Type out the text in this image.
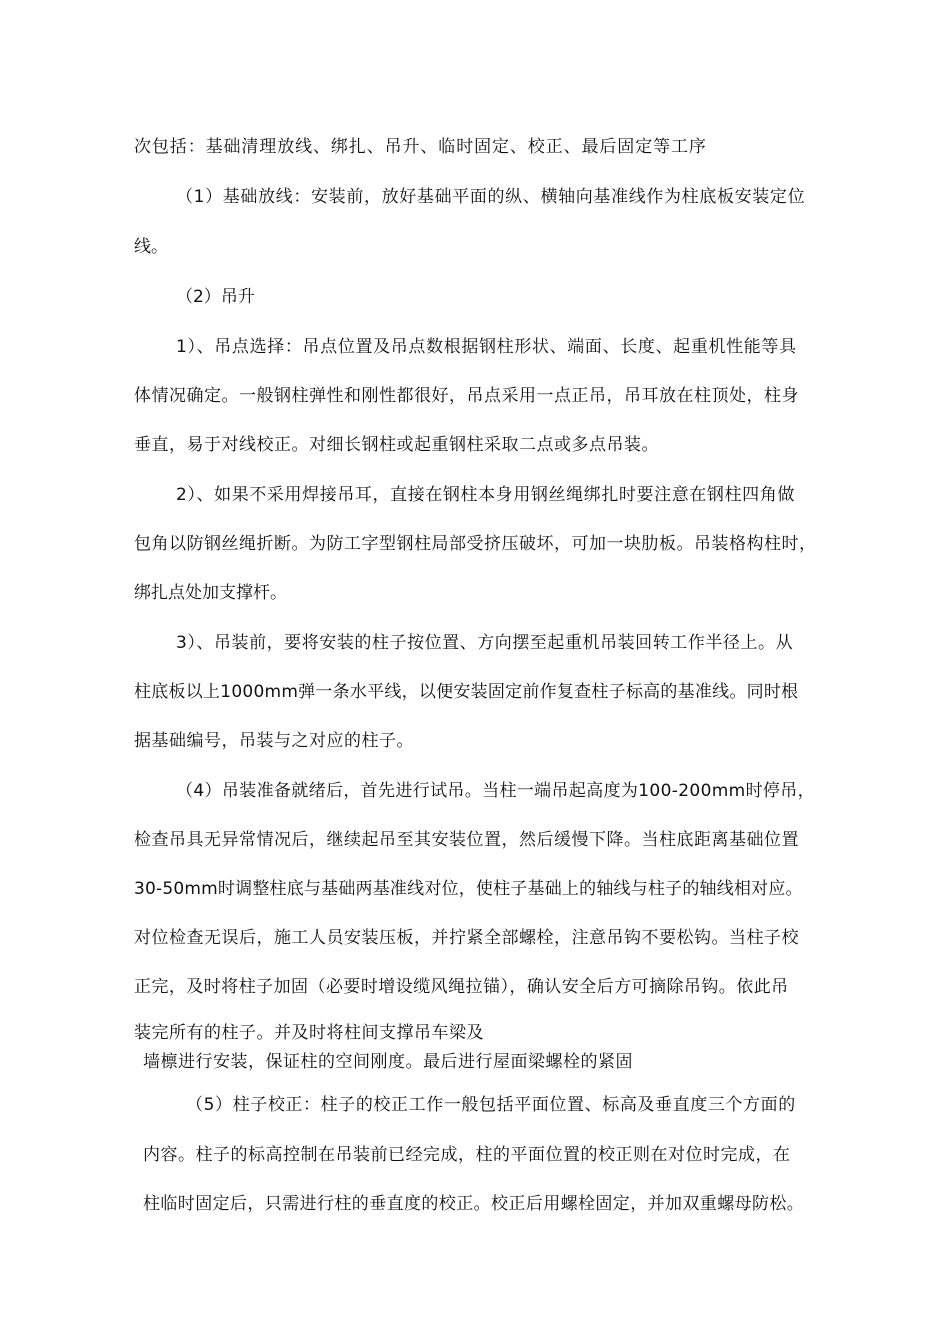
次包括：基础清理放线、绑扎、吊升、临时固定、校正、最后固定等工序
（1）基础放线：安装前，放好基础平面的纵、横轴向基准线作为柱底板安装定位
线。
（2）吊升
1）、吊点选择：吊点位置及吊点数根据钢柱形状、端面、长度、起重机性能等具
体情况确定。一般钢柱弹性和刚性都很好，吊点采用一点正吊，吊耳放在柱顶处，柱身
垂直，易于对线校正。对细长钢柱或起重钢柱采取二点或多点吊装。
2）、如果不采用焊接吊耳，直接在钢柱本身用钢丝绳绑扎时要注意在钢柱四角做
包角以防钢丝绳折断。为防工字型钢柱局部受挤压破坏，可加一块肋板。吊装格构柱时，
绑扎点处加支撑杆。
3）、吊装前，要将安装的柱子按位置、方向摆至起重机吊装回转工作半径上。从
柱底板以上1000mm弹一条水平线，以便安装固定前作复查柱子标高的基准线。同时根
据基础编号，吊装与之对应的柱子。
（4）吊装准备就绪后，首先进行试吊。当柱一端吊起高度为100-200mm时停吊，
检查吊具无异常情况后，继续起吊至其安装位置，然后缓慢下降。当柱底距离基础位置
30-50mm时调整柱底与基础两基准线对位，使柱子基础上的轴线与柱子的轴线相对应。
对位检查无误后，施工人员安装压板，并拧紧全部螺栓，注意吊钩不要松钩。当柱子校
正完，及时将柱子加固（必要时增设缆风绳拉锚），确认安全后方可摘除吊钩。依此吊
装完所有的柱子。并及时将柱间支撑吊车梁及
墙檩进行安装，保证柱的空间刚度。最后进行屋面梁螺栓的紧固
（5）柱子校正：柱子的校正工作一般包括平面位置、标高及垂直度三个方面的
内容。柱子的标高控制在吊装前已经完成，柱的平面位置的校正则在对位时完成，在
柱临时固定后，只需进行柱的垂直度的校正。校正后用螺栓固定，并加双重螺母防松。
